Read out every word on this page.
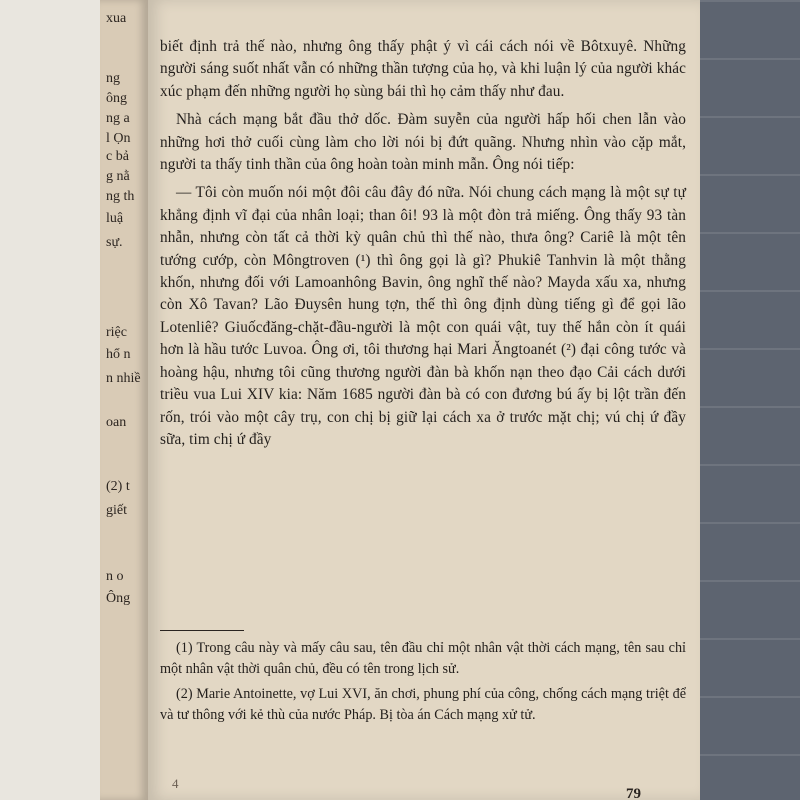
xua
ng
ông
ng a
l Ọn
c bả
g nằ
ng th
luậ
sự.
riệc
hổ n
n nhiề
oan
(2) t
giết
n o
Ông

biết định trả thế nào, nhưng ông thấy phật ý vì cái cách nói về Bôtxuyê. Những người sáng suốt nhất vẫn có những thần tượng của họ, và khi luận lý của người khác xúc phạm đến những người họ sùng bái thì họ cảm thấy như đau.

Nhà cách mạng bắt đầu thở dốc. Đàm suyễn của người hấp hối chen lẫn vào những hơi thở cuối cùng làm cho lời nói bị đứt quãng. Nhưng nhìn vào cặp mắt, người ta thấy tinh thần của ông hoàn toàn minh mẫn. Ông nói tiếp:

— Tôi còn muốn nói một đôi câu đây đó nữa. Nói chung cách mạng là một sự tự khẳng định vĩ đại của nhân loại; than ôi! 93 là một đòn trả miếng. Ông thấy 93 tàn nhẫn, nhưng còn tất cả thời kỳ quân chủ thì thế nào, thưa ông? Cariê là một tên tướng cướp, còn Môngtroven (¹) thì ông gọi là gì? Phukiê Tanhvin là một thằng khốn, nhưng đối với Lamoanhông Bavin, ông nghĩ thế nào? Mayda xấu xa, nhưng còn Xô Tavan? Lão Đuysên hung tợn, thế thì ông định dùng tiếng gì để gọi lão Lotenliê? Giuốcđăng-chặt-đầu-người là một con quái vật, tuy thế hắn còn ít quái hơn là hầu tước Luvoa. Ông ơi, tôi thương hại Mari Ăngtoanét (²) đại công tước và hoàng hậu, nhưng tôi cũng thương người đàn bà khốn nạn theo đạo Cải cách dưới triều vua Lui XIV kia: Năm 1685 người đàn bà có con đương bú ấy bị lột trần đến rốn, trói vào một cây trụ, con chị bị giữ lại cách xa ở trước mặt chị; vú chị ứ đầy sữa, tim chị ứ đầy

(1) Trong câu này và mấy câu sau, tên đầu chỉ một nhân vật thời cách mạng, tên sau chỉ một nhân vật thời quân chủ, đều có tên trong lịch sử.

(2) Marie Antoinette, vợ Lui XVI, ăn chơi, phung phí của công, chống cách mạng triệt để và tư thông với kẻ thù của nước Pháp. Bị tòa án Cách mạng xử tử.

4
79
